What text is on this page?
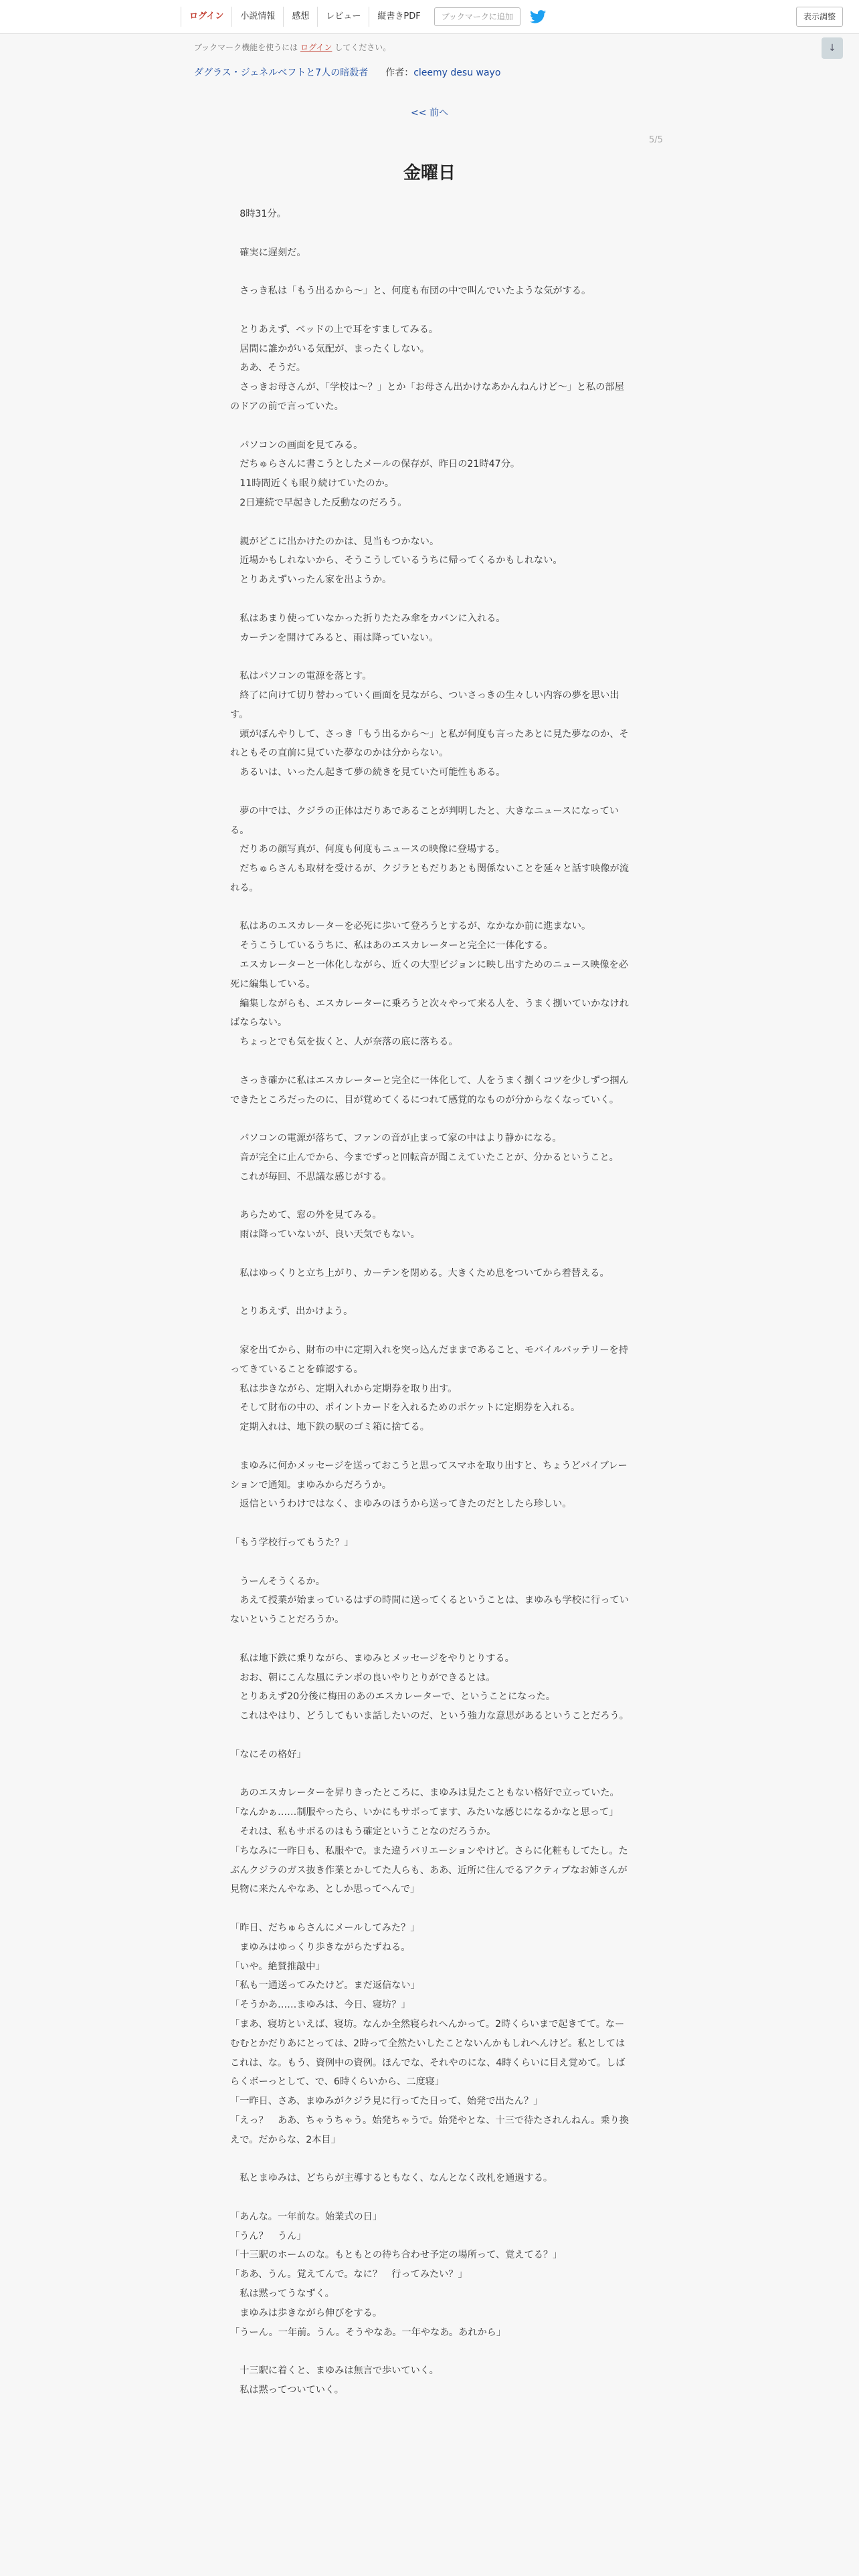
ログイン	小説情報	感想	レビュー	縦書きPDF	ブックマークに追加	表示調整
↓
ブックマーク機能を使うには ログイン してください。
ダグラス・ジェネルベフトと7人の暗殺者 作者：cleemy desu wayo
<< 前へ
5/5
金曜日

　8時31分。

　確実に遅刻だ。

　さっき私は「もう出るから～」と、何度も布団の中で叫んでいたような気がする。

　とりあえず、ベッドの上で耳をすましてみる。

　居間に誰かがいる気配が、まったくしない。

　ああ、そうだ。

　さっきお母さんが、「学校は～？」とか「お母さん出かけなあかんねんけど～」と私の部屋のドアの前で言っていた。

　パソコンの画面を見てみる。

　だちゅらさんに書こうとしたメールの保存が、昨日の21時47分。

　11時間近くも眠り続けていたのか。

　2日連続で早起きした反動なのだろう。

　親がどこに出かけたのかは、見当もつかない。

　近場かもしれないから、そうこうしているうちに帰ってくるかもしれない。

　とりあえずいったん家を出ようか。

　私はあまり使っていなかった折りたたみ傘をカバンに入れる。

　カーテンを開けてみると、雨は降っていない。

　私はパソコンの電源を落とす。

　終了に向けて切り替わっていく画面を見ながら、ついさっきの生々しい内容の夢を思い出す。

　頭がぼんやりして、さっき「もう出るから～」と私が何度も言ったあとに見た夢なのか、それともその直前に見ていた夢なのかは分からない。

　あるいは、いったん起きて夢の続きを見ていた可能性もある。

　夢の中では、クジラの正体はだりあであることが判明したと、大きなニュースになっている。

　だりあの顔写真が、何度も何度もニュースの映像に登場する。

　だちゅらさんも取材を受けるが、クジラともだりあとも関係ないことを延々と話す映像が流れる。

　私はあのエスカレーターを必死に歩いて登ろうとするが、なかなか前に進まない。

　そうこうしているうちに、私はあのエスカレーターと完全に一体化する。

　エスカレーターと一体化しながら、近くの大型ビジョンに映し出すためのニュース映像を必死に編集している。

　編集しながらも、エスカレーターに乗ろうと次々やって来る人を、うまく捌いていかなければならない。

　ちょっとでも気を抜くと、人が奈落の底に落ちる。

　さっき確かに私はエスカレーターと完全に一体化して、人をうまく捌くコツを少しずつ掴んできたところだったのに、目が覚めてくるにつれて感覚的なものが分からなくなっていく。

　パソコンの電源が落ちて、ファンの音が止まって家の中はより静かになる。

　音が完全に止んでから、今までずっと回転音が聞こえていたことが、分かるということ。

　これが毎回、不思議な感じがする。

　あらためて、窓の外を見てみる。

　雨は降っていないが、良い天気でもない。

　私はゆっくりと立ち上がり、カーテンを閉める。大きくため息をついてから着替える。

　とりあえず、出かけよう。

　家を出てから、財布の中に定期入れを突っ込んだままであること、モバイルバッテリーを持ってきていることを確認する。

　私は歩きながら、定期入れから定期券を取り出す。

　そして財布の中の、ポイントカードを入れるためのポケットに定期券を入れる。

　定期入れは、地下鉄の駅のゴミ箱に捨てる。

　まゆみに何かメッセージを送っておこうと思ってスマホを取り出すと、ちょうどバイブレーションで通知。まゆみからだろうか。

　返信というわけではなく、まゆみのほうから送ってきたのだとしたら珍しい。

「もう学校行ってもうた？」

　うーんそうくるか。

　あえて授業が始まっているはずの時間に送ってくるということは、まゆみも学校に行っていないということだろうか。

　私は地下鉄に乗りながら、まゆみとメッセージをやりとりする。

　おお、朝にこんな風にテンポの良いやりとりができるとは。

　とりあえず20分後に梅田のあのエスカレーターで、ということになった。

　これはやはり、どうしてもいま話したいのだ、という強力な意思があるということだろう。

「なにその格好」

　あのエスカレーターを昇りきったところに、まゆみは見たこともない格好で立っていた。

「なんかぁ……制服やったら、いかにもサボってます、みたいな感じになるかなと思って」

　それは、私もサボるのはもう確定ということなのだろうか。

「ちなみに一昨日も、私服やで。また違うバリエーションやけど。さらに化粧もしてたし。たぶんクジラのガス抜き作業とかしてた人らも、ああ、近所に住んでるアクティブなお姉さんが見物に来たんやなあ、としか思ってへんで」

「昨日、だちゅらさんにメールしてみた？」

　まゆみはゆっくり歩きながらたずねる。

「いや。絶賛推敲中」

「私も一通送ってみたけど。まだ返信ない」

「そうかあ……まゆみは、今日、寝坊？」

「まあ、寝坊といえば、寝坊。なんか全然寝られへんかって。2時くらいまで起きてて。なーむむとかだりあにとっては、2時って全然たいしたことないんかもしれへんけど。私としてはこれは、な。もう、資例中の資例。ほんでな、それやのにな、4時くらいに目え覚めて。しばらくボーっとして、で、6時くらいから、二度寝」

「一昨日、さあ、まゆみがクジラ見に行ってた日って、始発で出たん？」

「えっ？　ああ、ちゃうちゃう。始発ちゃうで。始発やとな、十三で待たされんねん。乗り換えで。だからな、2本目」

　私とまゆみは、どちらが主導するともなく、なんとなく改札を通過する。

「あんな。一年前な。始業式の日」

「うん？　うん」

「十三駅のホームのな。もともとの待ち合わせ予定の場所って、覚えてる？」

「ああ、うん。覚えてんで。なに？　行ってみたい？」

　私は黙ってうなずく。

　まゆみは歩きながら伸びをする。

「うーん。一年前。うん。そうやなあ。一年やなあ。あれから」

　十三駅に着くと、まゆみは無言で歩いていく。

　私は黙ってついていく。
